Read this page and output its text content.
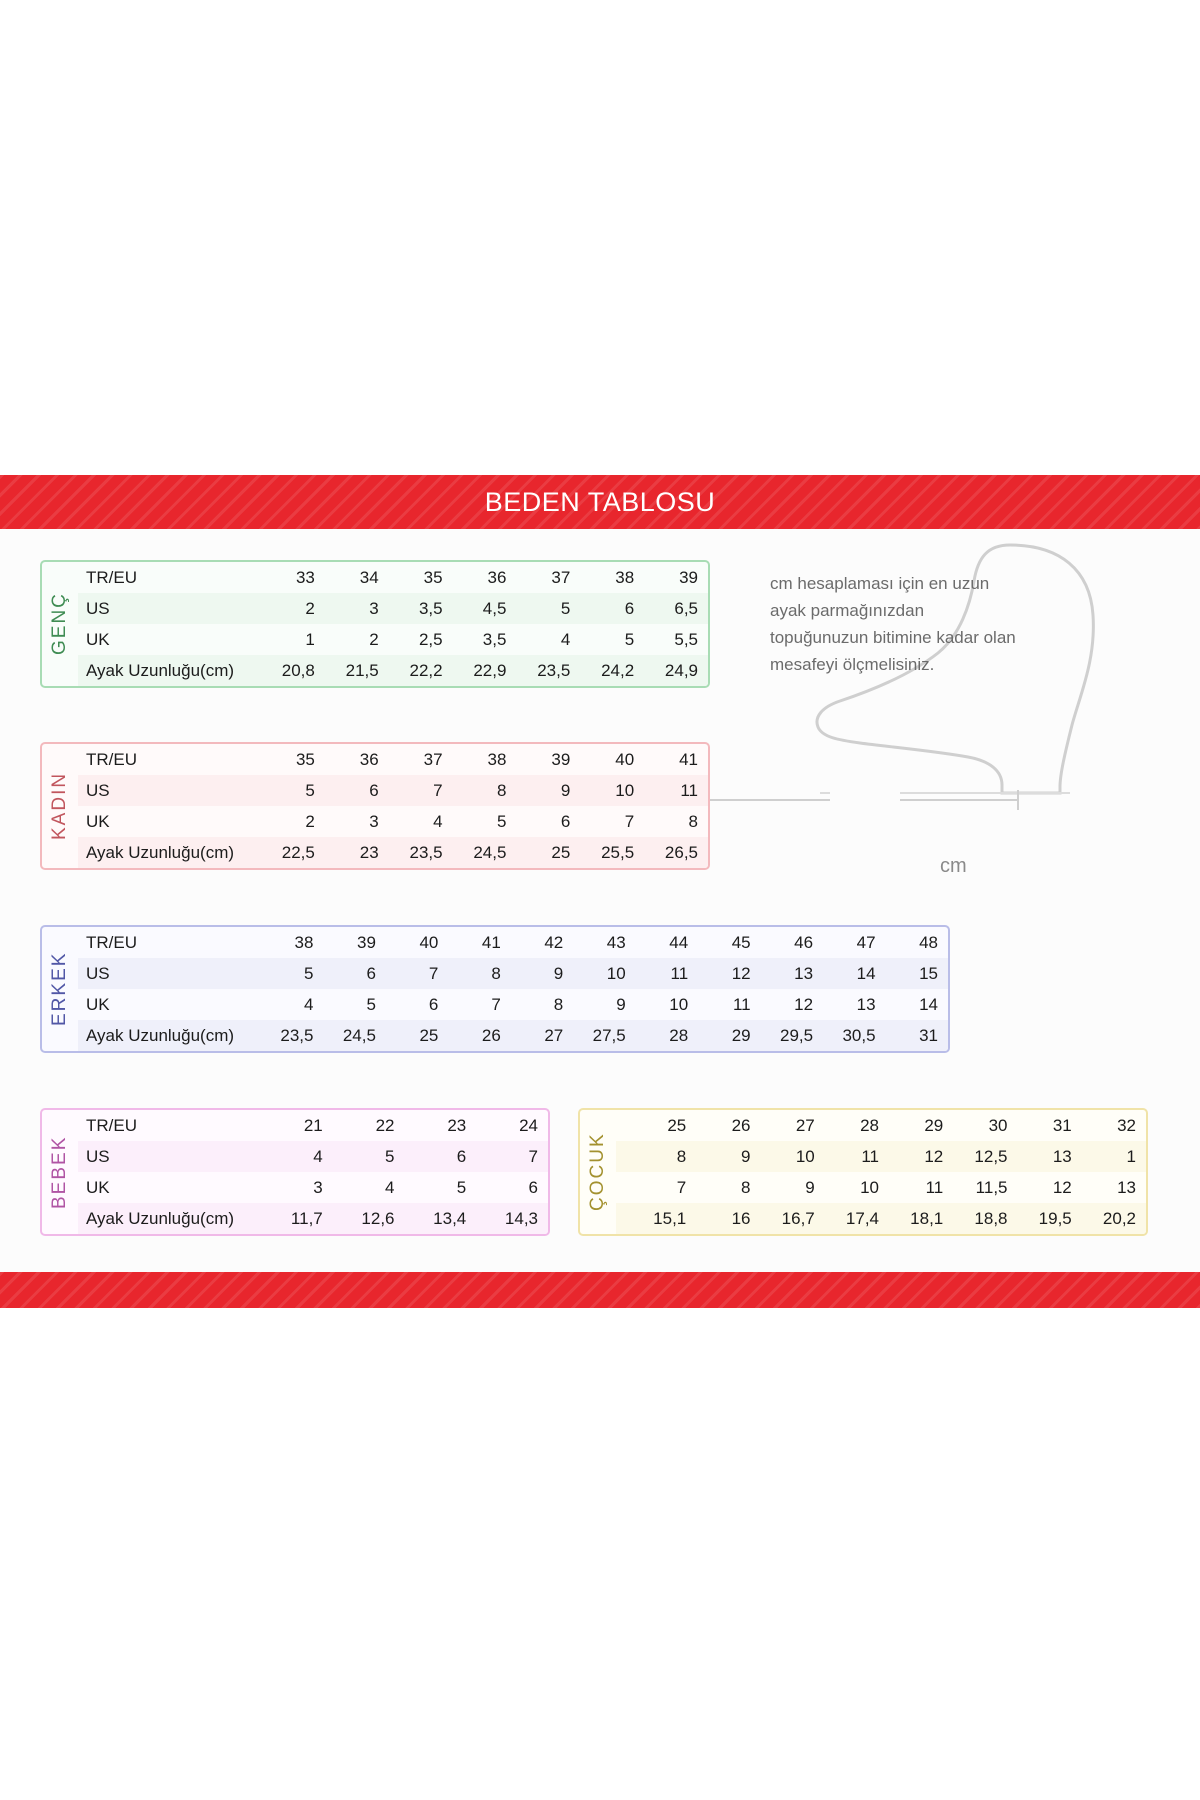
BEDEN TABLOSU
cm
cm hesaplaması için en uzun ayak parmağınızdan topuğunuzun bitimine kadar olan mesafeyi ölçmelisiniz.
GENÇ
TR/EU	33	34	35	36	37	38	39
US	2	3	3,5	4,5	5	6	6,5
UK	1	2	2,5	3,5	4	5	5,5
Ayak Uzunluğu(cm)	20,8	21,5	22,2	22,9	23,5	24,2	24,9
KADIN
TR/EU	35	36	37	38	39	40	41
US	5	6	7	8	9	10	11
UK	2	3	4	5	6	7	8
Ayak Uzunluğu(cm)	22,5	23	23,5	24,5	25	25,5	26,5
ERKEK
TR/EU	38	39	40	41	42	43	44	45	46	47	48
US	5	6	7	8	9	10	11	12	13	14	15
UK	4	5	6	7	8	9	10	11	12	13	14
Ayak Uzunluğu(cm)	23,5	24,5	25	26	27	27,5	28	29	29,5	30,5	31
BEBEK
TR/EU	21	22	23	24
US	4	5	6	7
UK	3	4	5	6
Ayak Uzunluğu(cm)	11,7	12,6	13,4	14,3
ÇOCUK
25	26	27	28	29	30	31	32
8	9	10	11	12	12,5	13	1
7	8	9	10	11	11,5	12	13
15,1	16	16,7	17,4	18,1	18,8	19,5	20,2
